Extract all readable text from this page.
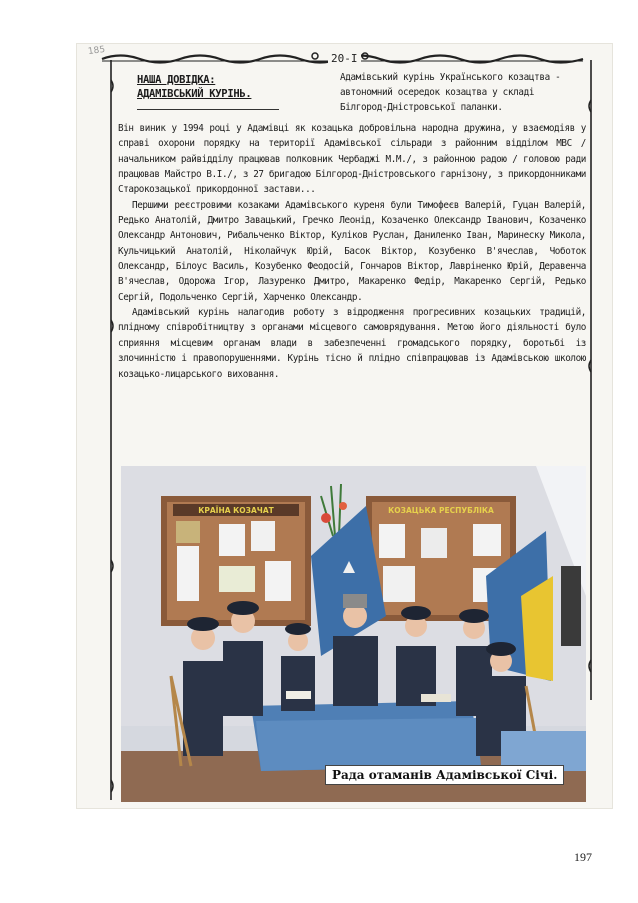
185
20-I
НАША ДОВІДКА:
АДАМІВСЬКИЙ КУРІНЬ.
Адамівський курінь Українського козацтва - автономний осередок козацтва у складі Білгород-Дністровської паланки.

Він виник у 1994 році у Адамівці як козацька добровільна народна дружина, у взаємодіяв у справі охорони порядку на території Адамівської сільради з районним відділом МВС /начальником райвідділу працював полковник Чербаджі М.М./, з районною радою / головою ради працював Майстро В.І./, з 27 бригадою Білгород-Дністровського гарнізону, з прикордонниками Старокозацької прикордонної застави...

Першими реєстровими козаками Адамівського куреня були Тимофеєв Валерій, Гуцан Валерій, Редько Анатолій, Дмитро Завацький, Гречко Леонід, Козаченко Олександр Іванович, Козаченко Олександр Антонович, Рибальченко Віктор, Куліков Руслан, Даниленко Іван, Маринеску Микола, Кульчицький Анатолій, Ніколайчук Юрій, Басок Віктор, Козубенко В'ячеслав, Чоботок Олександр, Білоус Василь, Козубенко Феодосій, Гончаров Віктор, Лавріненко Юрій, Деравенча В'ячеслав, Одорожа Ігор, Лазуренко Дмитро, Макаренко Федір, Макаренко Сергій, Редько Сергій, Подольченко Сергій, Харченко Олександр.

Адамівський курінь налагодив роботу з відродження прогресивних козацьких традицій, плідному співробітництву з органами місцевого самоврядування. Метою його діяльності було сприяння місцевим органам влади в забезпеченні громадського порядку, боротьбі із злочинністю і правопорушеннями. Курінь тісно й плідно співпрацював із Адамівською школою козацько-лицарського виховання.

КРАЇНА КОЗАЧАТ	КОЗАЦЬКА РЕСПУБЛІКА
Рада отаманів Адамівської Січі.
197
